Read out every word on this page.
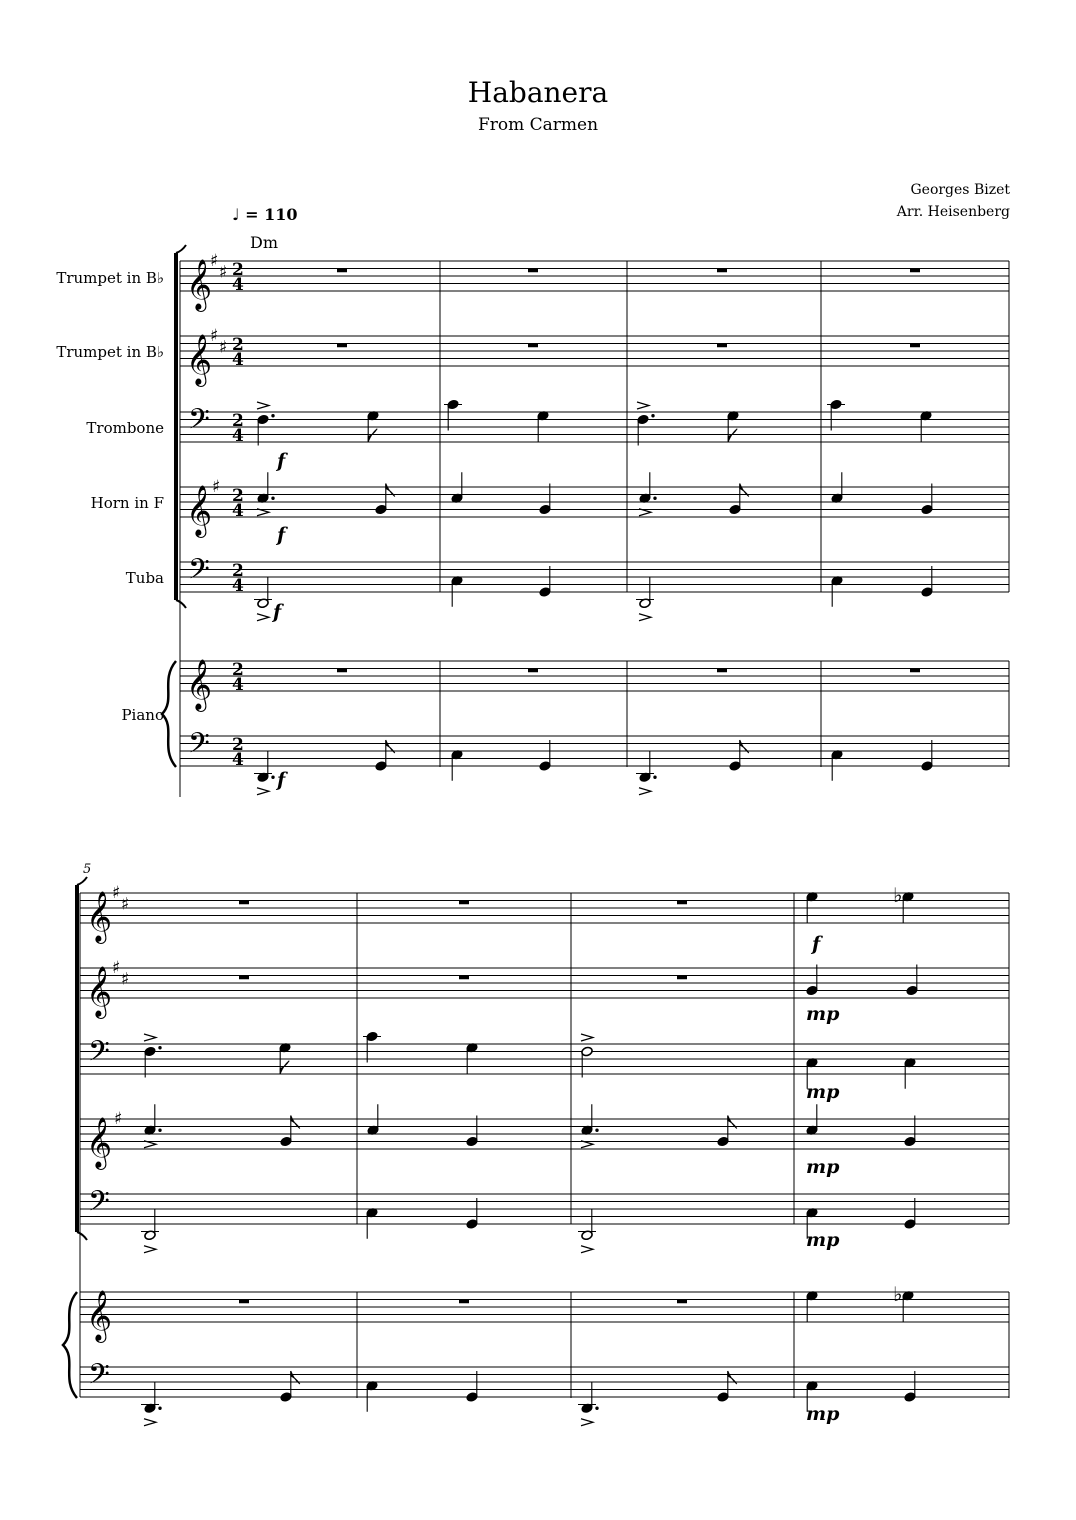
Habanera
From Carmen
Georges Bizet
Arr. Heisenberg
♩ = 110
Dm
Trumpet in B♭
Trumpet in B♭
Trombone
Horn in F
Tuba
Piano
5
𝄞
♯
♯ 2
4
𝄞
♯
♯ 2
4
𝄢 2
4
𝄞 ♯ 2
4
𝄢 2
4
𝄞 2
4
𝄢 2
4
f
f
f
f
𝄞 ♯
♯
𝄞 ♯
♯
𝄢
𝄞 ♯
𝄢
𝄞
𝄢
♭
f
mp
mp
mp
mp
♭
mp
